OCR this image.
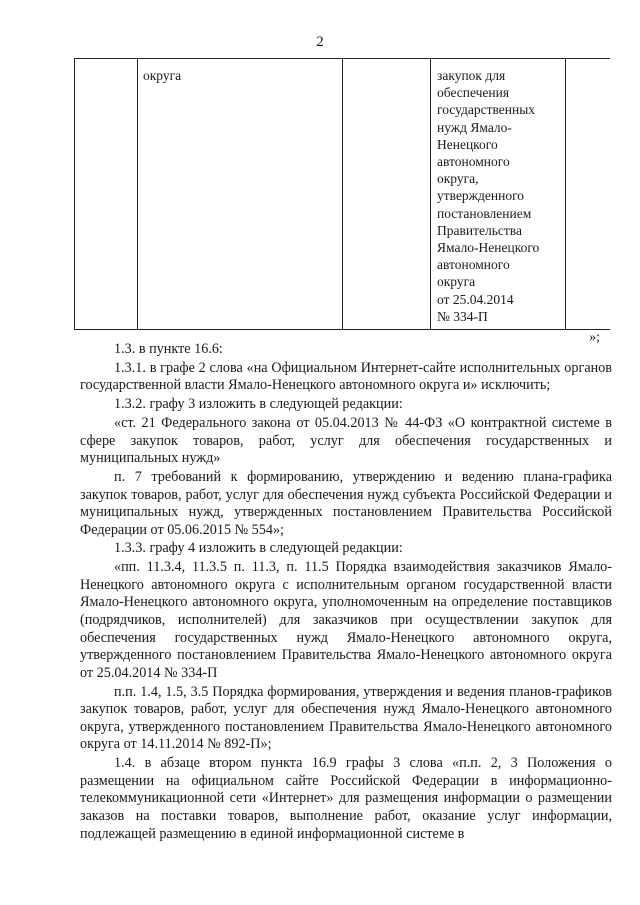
2
округа	закупок для
обеспечения
государственных
нужд Ямало-
Ненецкого
автономного
округа,
утвержденного
постановлением
Правительства
Ямало-Ненецкого
автономного
округа
от 25.04.2014
№ 334-П
»;

1.3. в пункте 16.6:

1.3.1. в графе 2 слова «на Официальном Интернет-сайте исполнительных органов государственной власти Ямало-Ненецкого автономного округа и» исключить;

1.3.2. графу 3 изложить в следующей редакции:

«ст. 21 Федерального закона от 05.04.2013 № 44-ФЗ «О контрактной системе в сфере закупок товаров, работ, услуг для обеспечения государственных и муниципальных нужд»

п. 7 требований к формированию, утверждению и ведению плана-графика закупок товаров, работ, услуг для обеспечения нужд субъекта Российской Федерации и муниципальных нужд, утвержденных постановлением Правительства Российской Федерации от 05.06.2015 № 554»;

1.3.3. графу 4 изложить в следующей редакции:

«пп. 11.3.4, 11.3.5 п. 11.3, п. 11.5 Порядка взаимодействия заказчиков Ямало-Ненецкого автономного округа с исполнительным органом государственной власти Ямало-Ненецкого автономного округа, уполномоченным на определение поставщиков (подрядчиков, исполнителей) для заказчиков при осуществлении закупок для обеспечения государственных нужд Ямало-Ненецкого автономного округа, утвержденного постановлением Правительства Ямало-Ненецкого автономного округа от 25.04.2014 № 334-П

п.п. 1.4, 1.5, 3.5 Порядка формирования, утверждения и ведения планов-графиков закупок товаров, работ, услуг для обеспечения нужд Ямало-Ненецкого автономного округа, утвержденного постановлением Правительства Ямало-Ненецкого автономного округа от 14.11.2014 № 892-П»;

1.4. в абзаце втором пункта 16.9 графы 3 слова «п.п. 2, 3 Положения о размещении на официальном сайте Российской Федерации в информационно-телекоммуникационной сети «Интернет» для размещения информации о размещении заказов на поставки товаров, выполнение работ, оказание услуг информации, подлежащей размещению в единой информационной системе в
